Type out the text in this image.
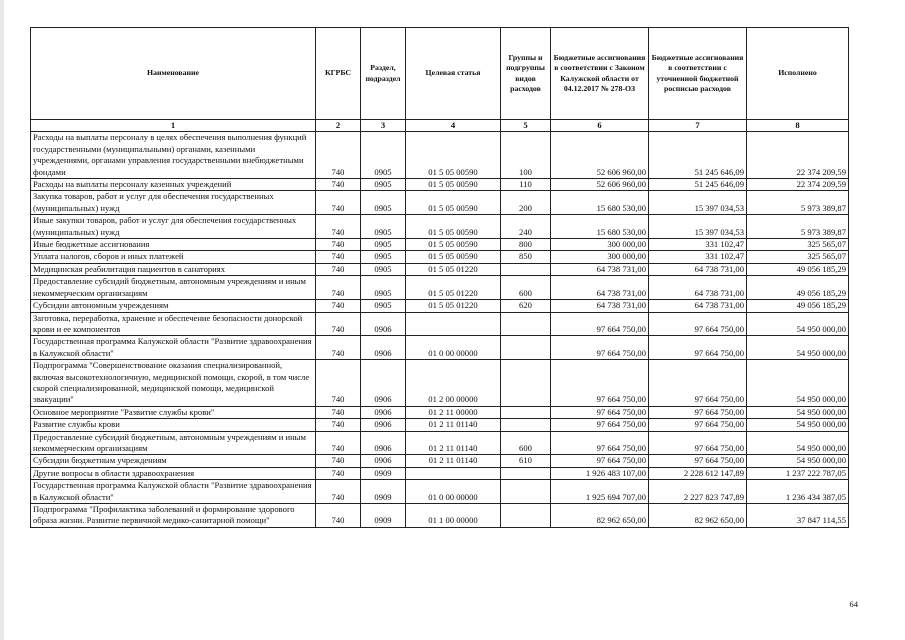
Наименование	КГРБС	Раздел, подраздел	Целевая статья	Группы и подгруппы видов расходов	Бюджетные ассигнования в соответствии с Законом Калужской области от 04.12.2017 № 278-ОЗ	Бюджетные ассигнования в соответствии с уточненной бюджетной росписью расходов	Исполнено
1	2	3	4	5	6	7	8
Расходы на выплаты персоналу в целях обеспечения выполнения функций государственными (муниципальными) органами, казенными учреждениями, органами управления государственными внебюджетными фондами	740	0905	01 5 05 00590	100	52 606 960,00	51 245 646,09	22 374 209,59
Расходы на выплаты персоналу казенных учреждений	740	0905	01 5 05 00590	110	52 606 960,00	51 245 646,09	22 374 209,59
Закупка товаров, работ и услуг для обеспечения государственных (муниципальных) нужд	740	0905	01 5 05 00590	200	15 680 530,00	15 397 034,53	5 973 389,87
Иные закупки товаров, работ и услуг для обеспечения государственных (муниципальных) нужд	740	0905	01 5 05 00590	240	15 680 530,00	15 397 034,53	5 973 389,87
Иные бюджетные ассигнования	740	0905	01 5 05 00590	800	300 000,00	331 102,47	325 565,07
Уплата налогов, сборов и иных платежей	740	0905	01 5 05 00590	850	300 000,00	331 102,47	325 565,07
Медицинская реабилитация пациентов в санаториях	740	0905	01 5 05 01220		64 738 731,00	64 738 731,00	49 056 185,29
Предоставление субсидий бюджетным, автономным учреждениям и иным некоммерческим организациям	740	0905	01 5 05 01220	600	64 738 731,00	64 738 731,00	49 056 185,29
Субсидии автономным учреждениям	740	0905	01 5 05 01220	620	64 738 731,00	64 738 731,00	49 056 185,29
Заготовка, переработка, хранение и обеспечение безопасности донорской крови и ее компонентов	740	0906			97 664 750,00	97 664 750,00	54 950 000,00
Государственная программа Калужской области "Развитие здравоохранения в Калужской области"	740	0906	01 0 00 00000		97 664 750,00	97 664 750,00	54 950 000,00
Подпрограмма "Совершенствование оказания специализированной, включая высокотехнологичную, медицинской помощи, скорой, в том числе скорой специализированной, медицинской помощи, медицинской эвакуации"	740	0906	01 2 00 00000		97 664 750,00	97 664 750,00	54 950 000,00
Основное мероприятие "Развитие службы крови"	740	0906	01 2 11 00000		97 664 750,00	97 664 750,00	54 950 000,00
Развитие службы крови	740	0906	01 2 11 01140		97 664 750,00	97 664 750,00	54 950 000,00
Предоставление субсидий бюджетным, автономным учреждениям и иным некоммерческим организациям	740	0906	01 2 11 01140	600	97 664 750,00	97 664 750,00	54 950 000,00
Субсидии бюджетным учреждениям	740	0906	01 2 11 01140	610	97 664 750,00	97 664 750,00	54 950 000,00
Другие вопросы в области здравоохранения	740	0909			1 926 483 107,00	2 228 612 147,89	1 237 222 787,05
Государственная программа Калужской области "Развитие здравоохранения в Калужской области"	740	0909	01 0 00 00000		1 925 694 707,00	2 227 823 747,89	1 236 434 387,05
Подпрограмма "Профилактика заболеваний и формирование здорового образа жизни. Развитие первичной медико-санитарной помощи"	740	0909	01 1 00 00000		82 962 650,00	82 962 650,00	37 847 114,55
64
